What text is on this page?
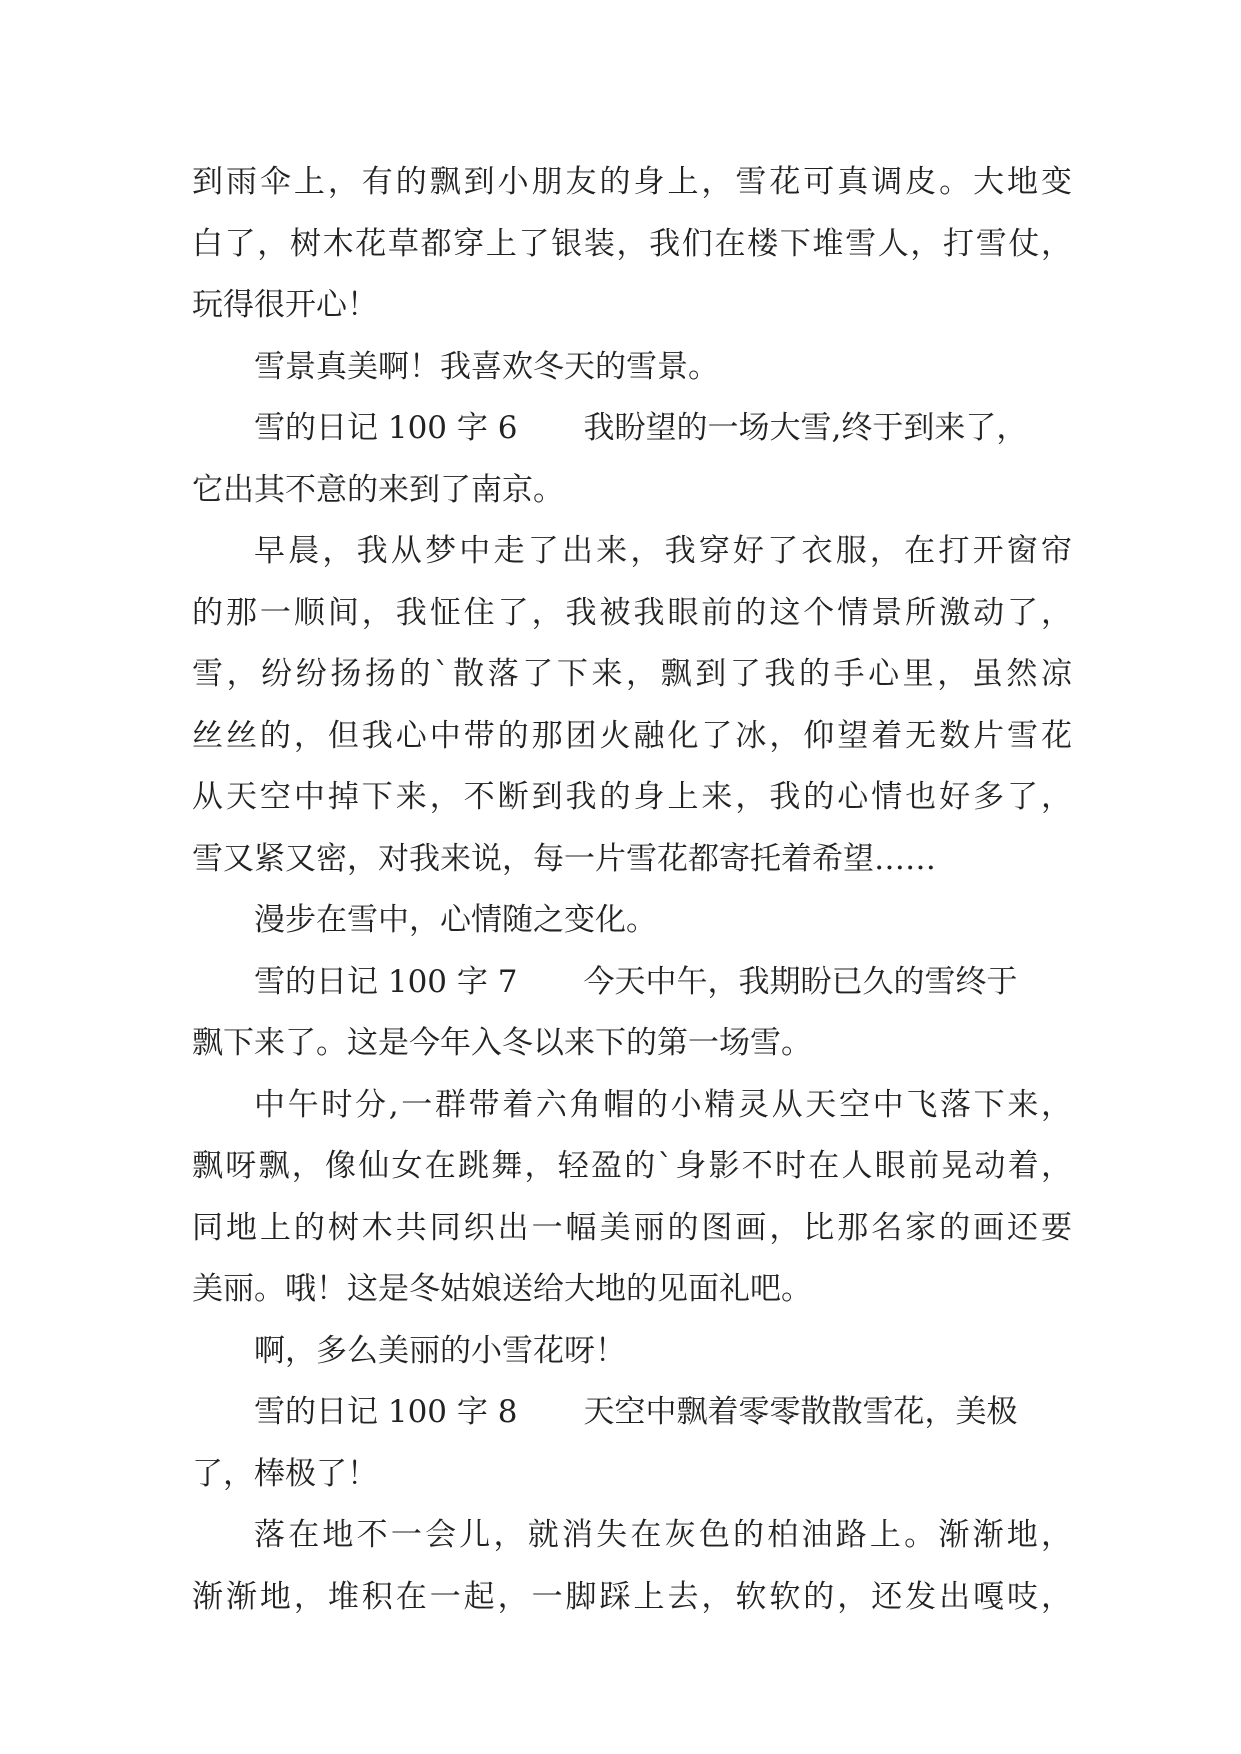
到雨伞上，有的飘到小朋友的身上，雪花可真调皮。大地变
白了，树木花草都穿上了银装，我们在楼下堆雪人，打雪仗，
玩得很开心！
雪景真美啊！我喜欢冬天的雪景。
雪的日记 100 字 6 我盼望的一场大雪,终于到来了，
它出其不意的来到了南京。
早晨，我从梦中走了出来，我穿好了衣服，在打开窗帘
的那一顺间，我怔住了，我被我眼前的这个情景所激动了，
雪，纷纷扬扬的`散落了下来，飘到了我的手心里，虽然凉
丝丝的，但我心中带的那团火融化了冰，仰望着无数片雪花
从天空中掉下来，不断到我的身上来，我的心情也好多了，
雪又紧又密，对我来说，每一片雪花都寄托着希望……
漫步在雪中，心情随之变化。
雪的日记 100 字 7 今天中午，我期盼已久的雪终于
飘下来了。这是今年入冬以来下的第一场雪。
中午时分,一群带着六角帽的小精灵从天空中飞落下来，
飘呀飘，像仙女在跳舞，轻盈的`身影不时在人眼前晃动着，
同地上的树木共同织出一幅美丽的图画，比那名家的画还要
美丽。哦！这是冬姑娘送给大地的见面礼吧。
啊，多么美丽的小雪花呀！
雪的日记 100 字 8 天空中飘着零零散散雪花，美极
了，棒极了！
落在地不一会儿，就消失在灰色的柏油路上。渐渐地，
渐渐地，堆积在一起，一脚踩上去，软软的，还发出嘎吱，
